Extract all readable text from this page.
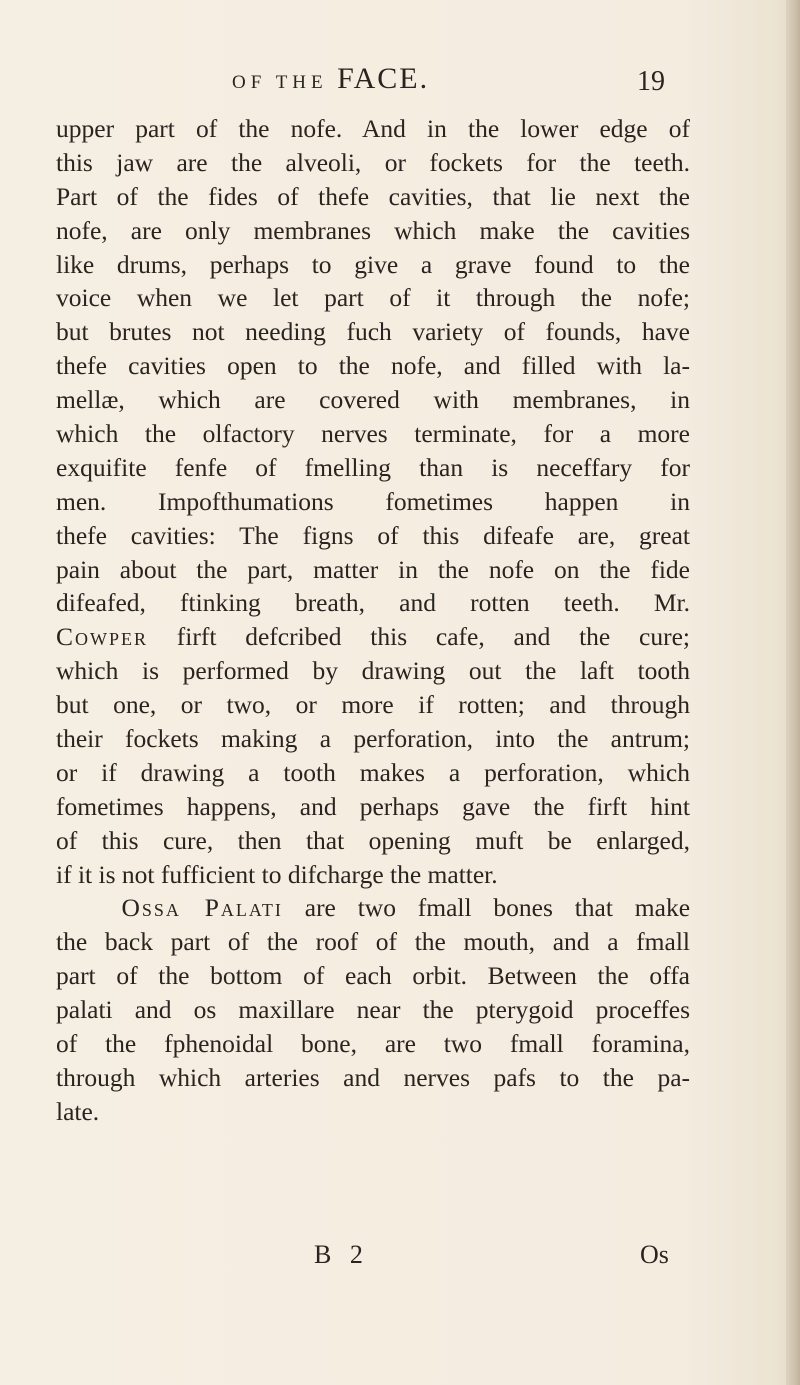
OF THE FACE.	19
upper part of the nofe. And in the lower edge of
this jaw are the alveoli, or fockets for the teeth.
Part of the fides of thefe cavities, that lie next the
nofe, are only membranes which make the cavities
like drums, perhaps to give a grave found to the
voice when we let part of it through the nofe;
but brutes not needing fuch variety of founds, have
thefe cavities open to the nofe, and filled with la-
mellæ, which are covered with membranes, in
which the olfactory nerves terminate, for a more
exquifite fenfe of fmelling than is neceffary for
men. Impofthumations fometimes happen in
thefe cavities: The figns of this difeafe are, great
pain about the part, matter in the nofe on the fide
difeafed, ftinking breath, and rotten teeth. Mr.
Cowper firft defcribed this cafe, and the cure;
which is performed by drawing out the laft tooth
but one, or two, or more if rotten; and through
their fockets making a perforation, into the antrum;
or if drawing a tooth makes a perforation, which
fometimes happens, and perhaps gave the firft hint
of this cure, then that opening muft be enlarged,
if it is not fufficient to difcharge the matter.
Ossa Palati are two fmall bones that make
the back part of the roof of the mouth, and a fmall
part of the bottom of each orbit. Between the offa
palati and os maxillare near the pterygoid proceffes
of the fphenoidal bone, are two fmall foramina,
through which arteries and nerves pafs to the pa-
late.
B 2	Os
